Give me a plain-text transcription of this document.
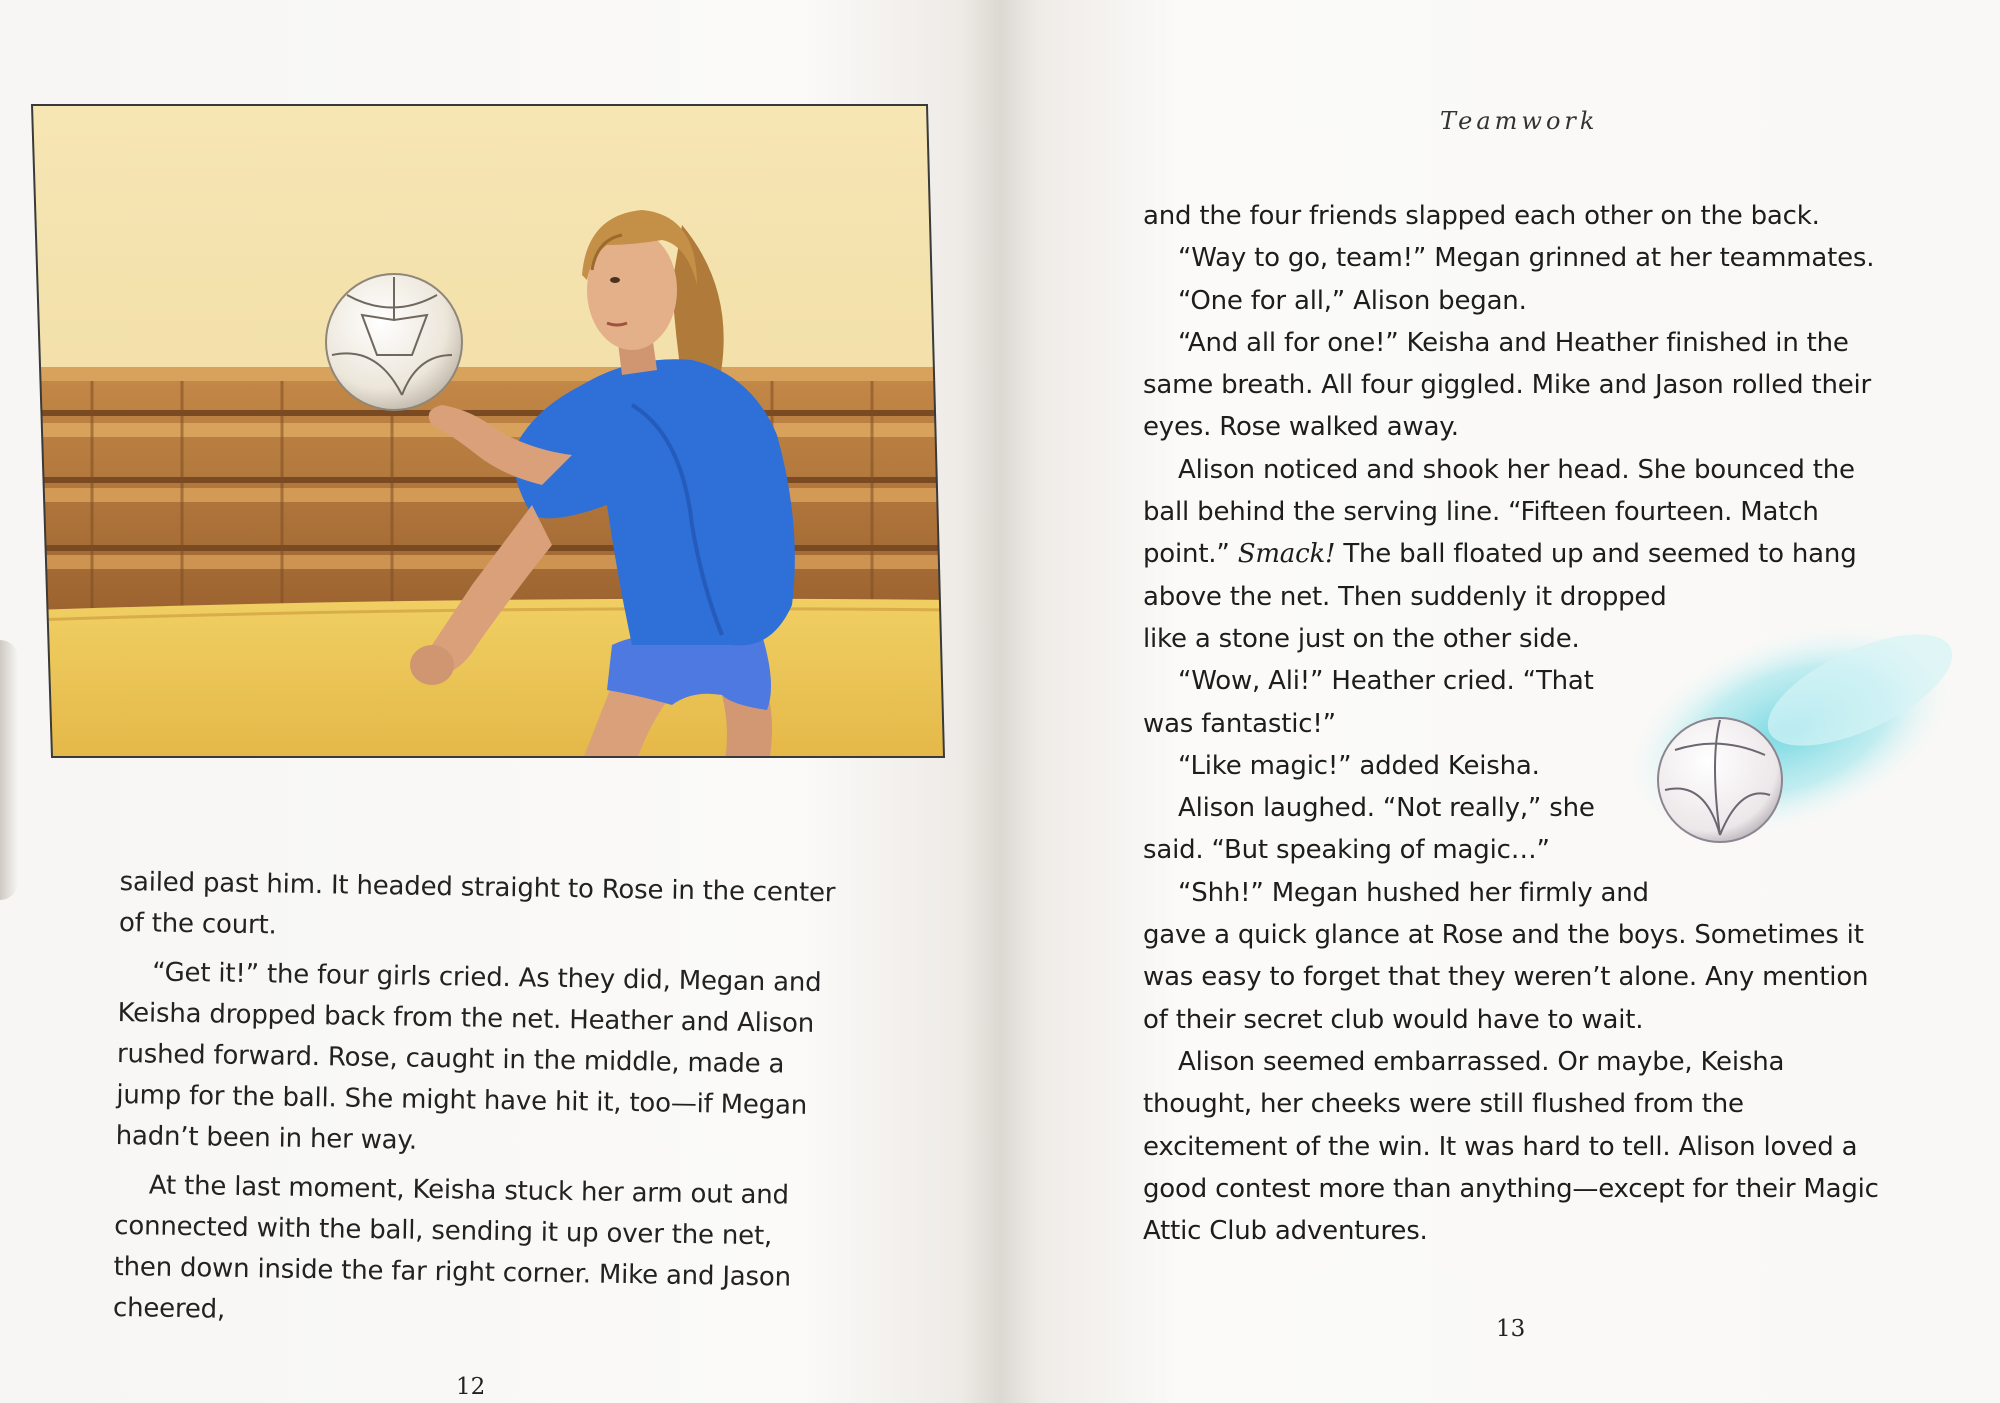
sailed past him. It headed straight to Rose in the center of the court.

“Get it!” the four girls cried. As they did, Megan and Keisha dropped back from the net. Heather and Alison rushed forward. Rose, caught in the middle, made a jump for the ball. She might have hit it, too—if Megan hadn’t been in her way.

At the last moment, Keisha stuck her arm out and connected with the ball, sending it up over the net, then down inside the far right corner. Mike and Jason cheered,

12
Teamwork

and the four friends slapped each other on the back.

“Way to go, team!” Megan grinned at her teammates.

“One for all,” Alison began.

“And all for one!” Keisha and Heather finished in the

same breath. All four giggled. Mike and Jason rolled their

eyes. Rose walked away.

Alison noticed and shook her head. She bounced the

ball behind the serving line. “Fifteen fourteen. Match

point.” Smack! The ball floated up and seemed to hang

above the net. Then suddenly it dropped

like a stone just on the other side.

“Wow, Ali!” Heather cried. “That

was fantastic!”

“Like magic!” added Keisha.

Alison laughed. “Not really,” she

said. “But speaking of magic…”

“Shh!” Megan hushed her firmly and

gave a quick glance at Rose and the boys. Sometimes it

was easy to forget that they weren’t alone. Any mention

of their secret club would have to wait.

Alison seemed embarrassed. Or maybe, Keisha

thought, her cheeks were still flushed from the

excitement of the win. It was hard to tell. Alison loved a

good contest more than anything—except for their Magic

Attic Club adventures.

13
